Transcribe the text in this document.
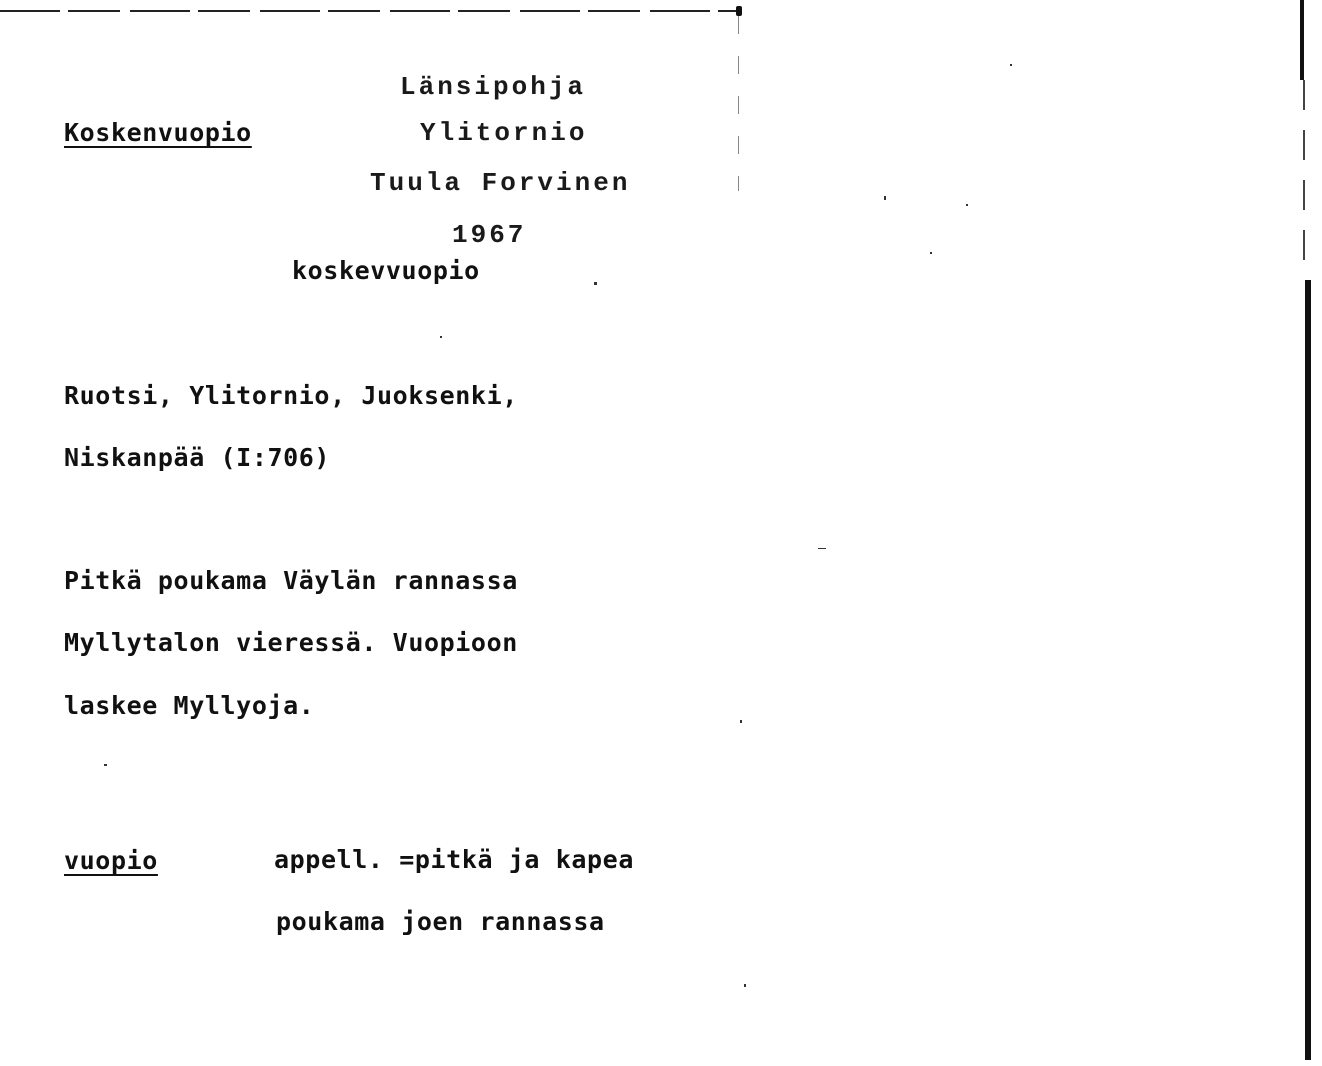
Länsipohja
Koskenvuopio	Ylitornio
Tuula Forvinen
1967
koskevvuopio
Ruotsi, Ylitornio, Juoksenki,
Niskanpää (I:706)
Pitkä poukama Väylän rannassa
Myllytalon vieressä. Vuopioon
laskee Myllyoja.
vuopio	appell. =pitkä ja kapea
poukama joen rannassa
